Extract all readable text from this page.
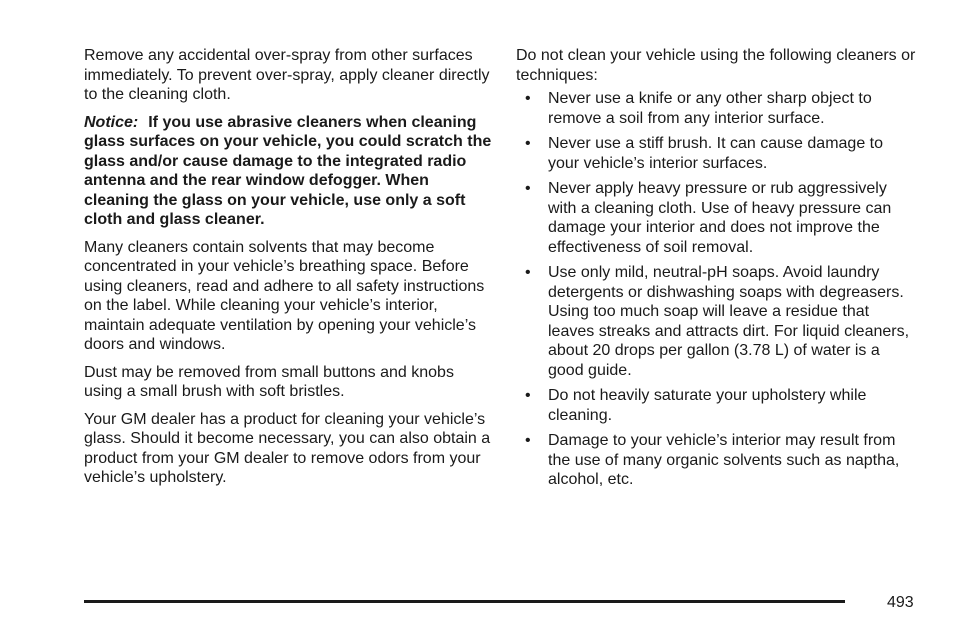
Remove any accidental over-spray from other surfaces immediately. To prevent over-spray, apply cleaner directly to the cleaning cloth.

Notice: If you use abrasive cleaners when cleaning glass surfaces on your vehicle, you could scratch the glass and/or cause damage to the integrated radio antenna and the rear window defogger. When cleaning the glass on your vehicle, use only a soft cloth and glass cleaner.

Many cleaners contain solvents that may become concentrated in your vehicle’s breathing space. Before using cleaners, read and adhere to all safety instructions on the label. While cleaning your vehicle’s interior, maintain adequate ventilation by opening your vehicle’s doors and windows.

Dust may be removed from small buttons and knobs using a small brush with soft bristles.

Your GM dealer has a product for cleaning your vehicle’s glass. Should it become necessary, you can also obtain a product from your GM dealer to remove odors from your vehicle’s upholstery.

Do not clean your vehicle using the following cleaners or techniques:

• Never use a knife or any other sharp object to remove a soil from any interior surface.
• Never use a stiff brush. It can cause damage to your vehicle’s interior surfaces.
• Never apply heavy pressure or rub aggressively with a cleaning cloth. Use of heavy pressure can damage your interior and does not improve the effectiveness of soil removal.
• Use only mild, neutral-pH soaps. Avoid laundry detergents or dishwashing soaps with degreasers. Using too much soap will leave a residue that leaves streaks and attracts dirt. For liquid cleaners, about 20 drops per gallon (3.78 L) of water is a good guide.
• Do not heavily saturate your upholstery while cleaning.
• Damage to your vehicle’s interior may result from the use of many organic solvents such as naptha, alcohol, etc.
493
